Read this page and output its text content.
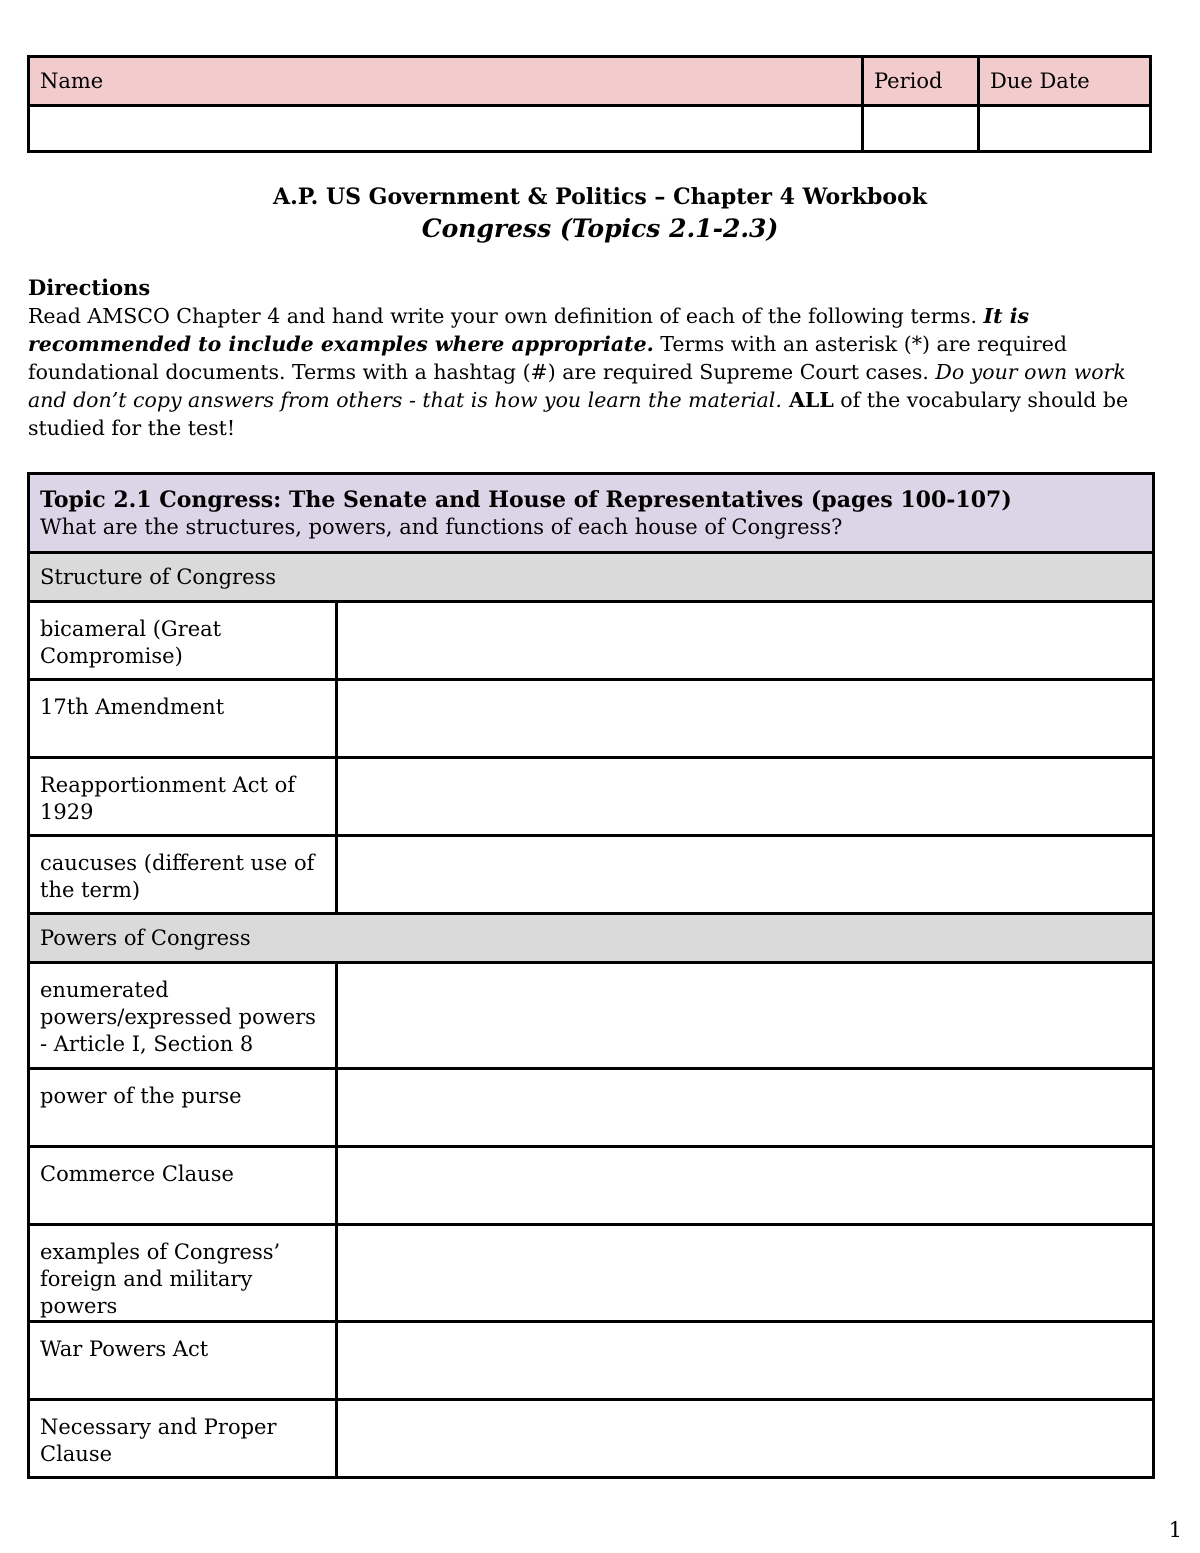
Name	Period	Due Date

A.P. US Government & Politics – Chapter 4 Workbook
Congress (Topics 2.1-2.3)
Directions
Read AMSCO Chapter 4 and hand write your own definition of each of the following terms. It is recommended to include examples where appropriate. Terms with an asterisk (*) are required foundational documents. Terms with a hashtag (#) are required Supreme Court cases. Do your own work and don’t copy answers from others - that is how you learn the material. ALL of the vocabulary should be studied for the test!
Topic 2.1 Congress: The Senate and House of Representatives (pages 100-107)
What are the structures, powers, and functions of each house of Congress?	

Structure of Congress	
bicameral (Great Compromise)	
17th Amendment	
Reapportionment Act of 1929	
caucuses (different use of the term)	
Powers of Congress	
enumerated powers/expressed powers - Article I, Section 8	
power of the purse	
Commerce Clause	
examples of Congress’ foreign and military powers	
War Powers Act	
Necessary and Proper Clause	
1
